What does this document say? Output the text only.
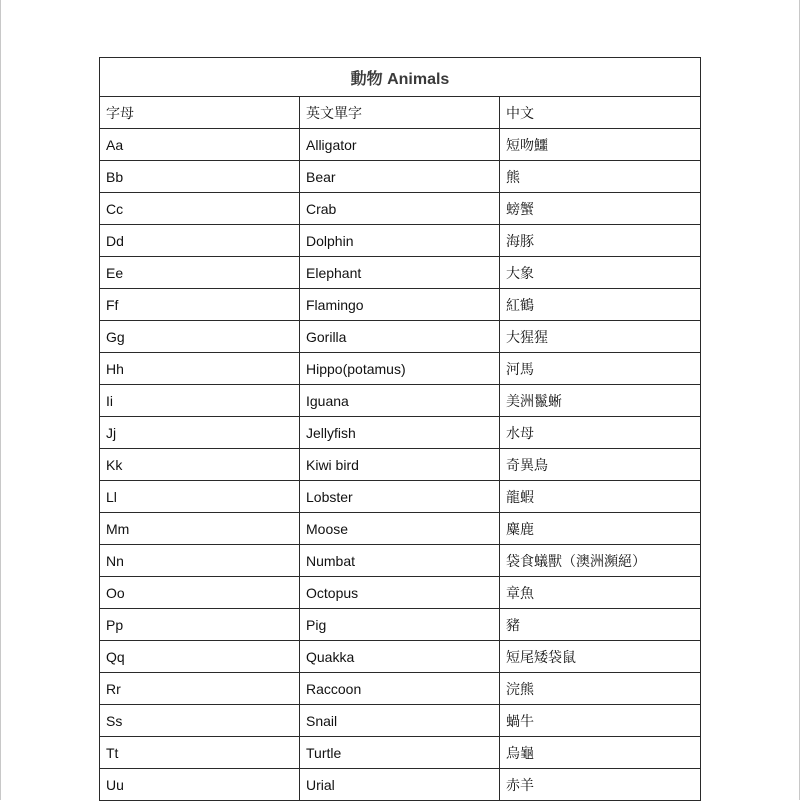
動物 Animals		
字母	英文單字	中文
Aa	Alligator	短吻鱷
Bb	Bear	熊
Cc	Crab	螃蟹
Dd	Dolphin	海豚
Ee	Elephant	大象
Ff	Flamingo	紅鶴
Gg	Gorilla	大猩猩
Hh	Hippo(potamus)	河馬
Ii	Iguana	美洲鬣蜥
Jj	Jellyfish	水母
Kk	Kiwi bird	奇異鳥
Ll	Lobster	龍蝦
Mm	Moose	麋鹿
Nn	Numbat	袋食蟻獸（澳洲瀕絕）
Oo	Octopus	章魚
Pp	Pig	豬
Qq	Quakka	短尾矮袋鼠
Rr	Raccoon	浣熊
Ss	Snail	蝸牛
Tt	Turtle	烏龜
Uu	Urial	赤羊
